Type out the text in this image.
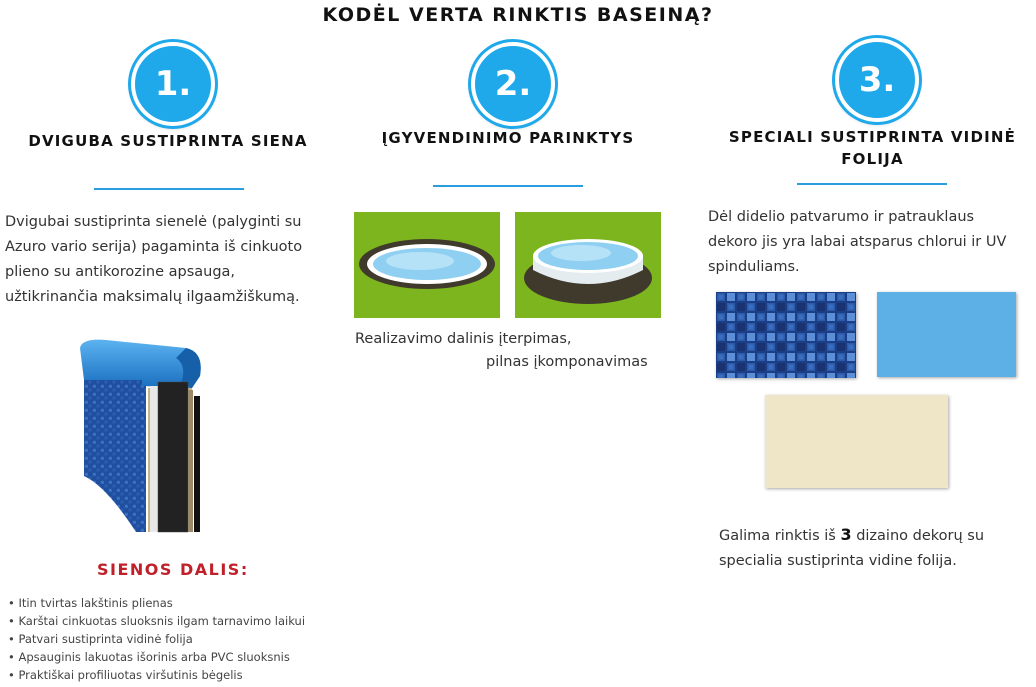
KODĖL VERTA RINKTIS BASEINĄ?
1.
DVIGUBA SUSTIPRINTA SIENA
Dvigubai sustiprinta sienelė (palyginti su
Azuro vario serija) pagaminta iš cinkuoto
plieno su antikorozine apsauga,
užtikrinančia maksimalų ilgaamžiškumą.
SIENOS DALIS:
• Itin tvirtas lakštinis plienas
• Karštai cinkuotas sluoksnis ilgam tarnavimo laikui
• Patvari sustiprinta vidinė folija
• Apsauginis lakuotas išorinis arba PVC sluoksnis
• Praktiškai profiliuotas viršutinis bėgelis
2.
ĮGYVENDINIMO PARINKTYS
Realizavimo dalinis įterpimas,
pilnas įkomponavimas
3.
SPECIALI SUSTIPRINTA VIDINĖ
FOLIJA
Dėl didelio patvarumo ir patrauklaus
dekoro jis yra labai atsparus chlorui ir UV
spinduliams.
Galima rinktis iš 3 dizaino dekorų su
specialia sustiprinta vidine folija.
